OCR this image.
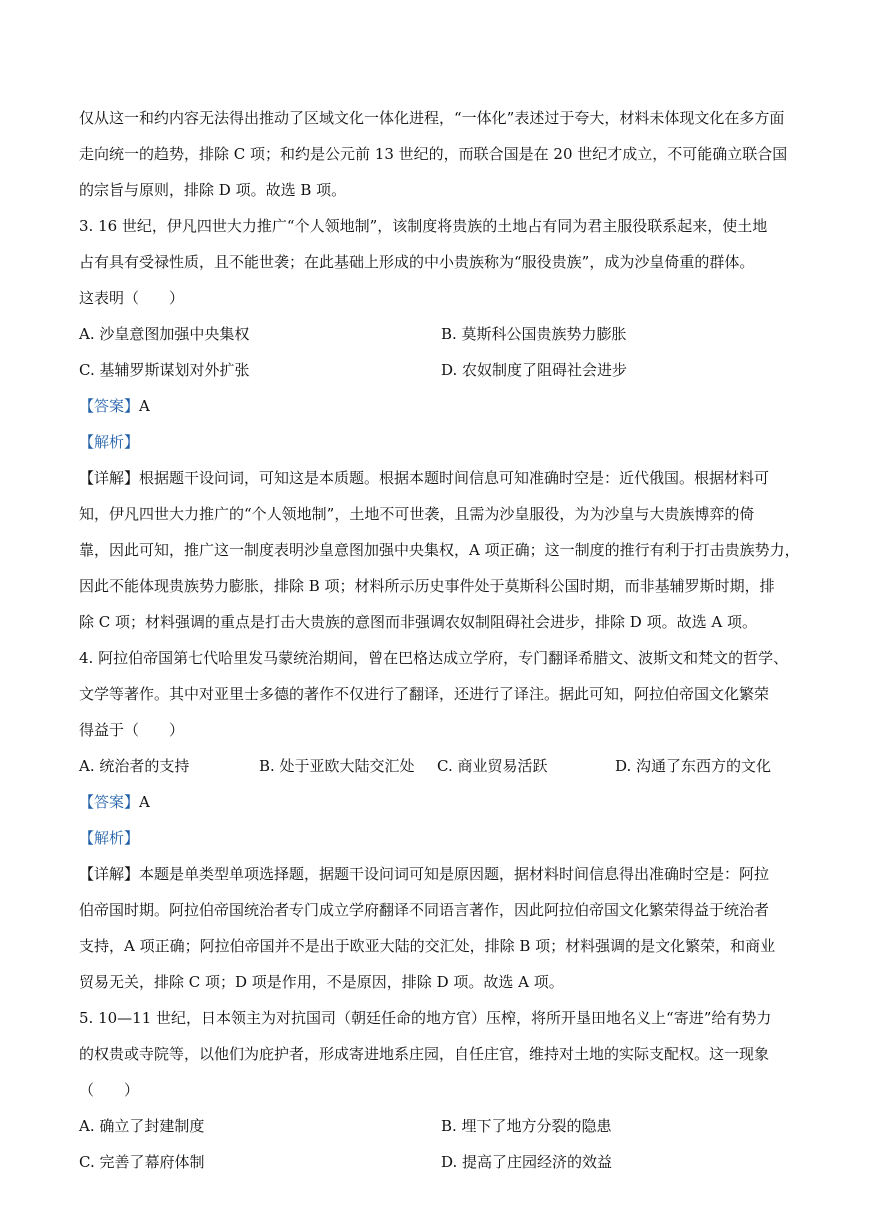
仅从这一和约内容无法得出推动了区域文化一体化进程，“一体化”表述过于夸大，材料未体现文化在多方面
走向统一的趋势，排除 C 项；和约是公元前 13 世纪的，而联合国是在 20 世纪才成立，不可能确立联合国
的宗旨与原则，排除 D 项。故选 B 项。
3. 16 世纪，伊凡四世大力推广“个人领地制”，该制度将贵族的土地占有同为君主服役联系起来，使土地
占有具有受禄性质，且不能世袭；在此基础上形成的中小贵族称为“服役贵族”，成为沙皇倚重的群体。
这表明（　　）
A. 沙皇意图加强中央集权	B. 莫斯科公国贵族势力膨胀
C. 基辅罗斯谋划对外扩张	D. 农奴制度了阻碍社会进步
【答案】A
【解析】
【详解】根据题干设问词，可知这是本质题。根据本题时间信息可知准确时空是：近代俄国。根据材料可
知，伊凡四世大力推广的“个人领地制”，土地不可世袭，且需为沙皇服役，为为沙皇与大贵族博弈的倚
靠，因此可知，推广这一制度表明沙皇意图加强中央集权，A 项正确；这一制度的推行有利于打击贵族势力，
因此不能体现贵族势力膨胀，排除 B 项；材料所示历史事件处于莫斯科公国时期，而非基辅罗斯时期，排
除 C 项；材料强调的重点是打击大贵族的意图而非强调农奴制阻碍社会进步，排除 D 项。故选 A 项。
4. 阿拉伯帝国第七代哈里发马蒙统治期间，曾在巴格达成立学府，专门翻译希腊文、波斯文和梵文的哲学、
文学等著作。其中对亚里士多德的著作不仅进行了翻译，还进行了译注。据此可知，阿拉伯帝国文化繁荣
得益于（　　）
A. 统治者的支持	B. 处于亚欧大陆交汇处	C. 商业贸易活跃	D. 沟通了东西方的文化
【答案】A
【解析】
【详解】本题是单类型单项选择题，据题干设问词可知是原因题，据材料时间信息得出准确时空是：阿拉
伯帝国时期。阿拉伯帝国统治者专门成立学府翻译不同语言著作，因此阿拉伯帝国文化繁荣得益于统治者
支持，A 项正确；阿拉伯帝国并不是出于欧亚大陆的交汇处，排除 B 项；材料强调的是文化繁荣，和商业
贸易无关，排除 C 项；D 项是作用，不是原因，排除 D 项。故选 A 项。
5. 10—11 世纪，日本领主为对抗国司（朝廷任命的地方官）压榨，将所开垦田地名义上“寄进”给有势力
的权贵或寺院等，以他们为庇护者，形成寄进地系庄园，自任庄官，维持对土地的实际支配权。这一现象
（　　）
A. 确立了封建制度	B. 埋下了地方分裂的隐患
C. 完善了幕府体制	D. 提高了庄园经济的效益
